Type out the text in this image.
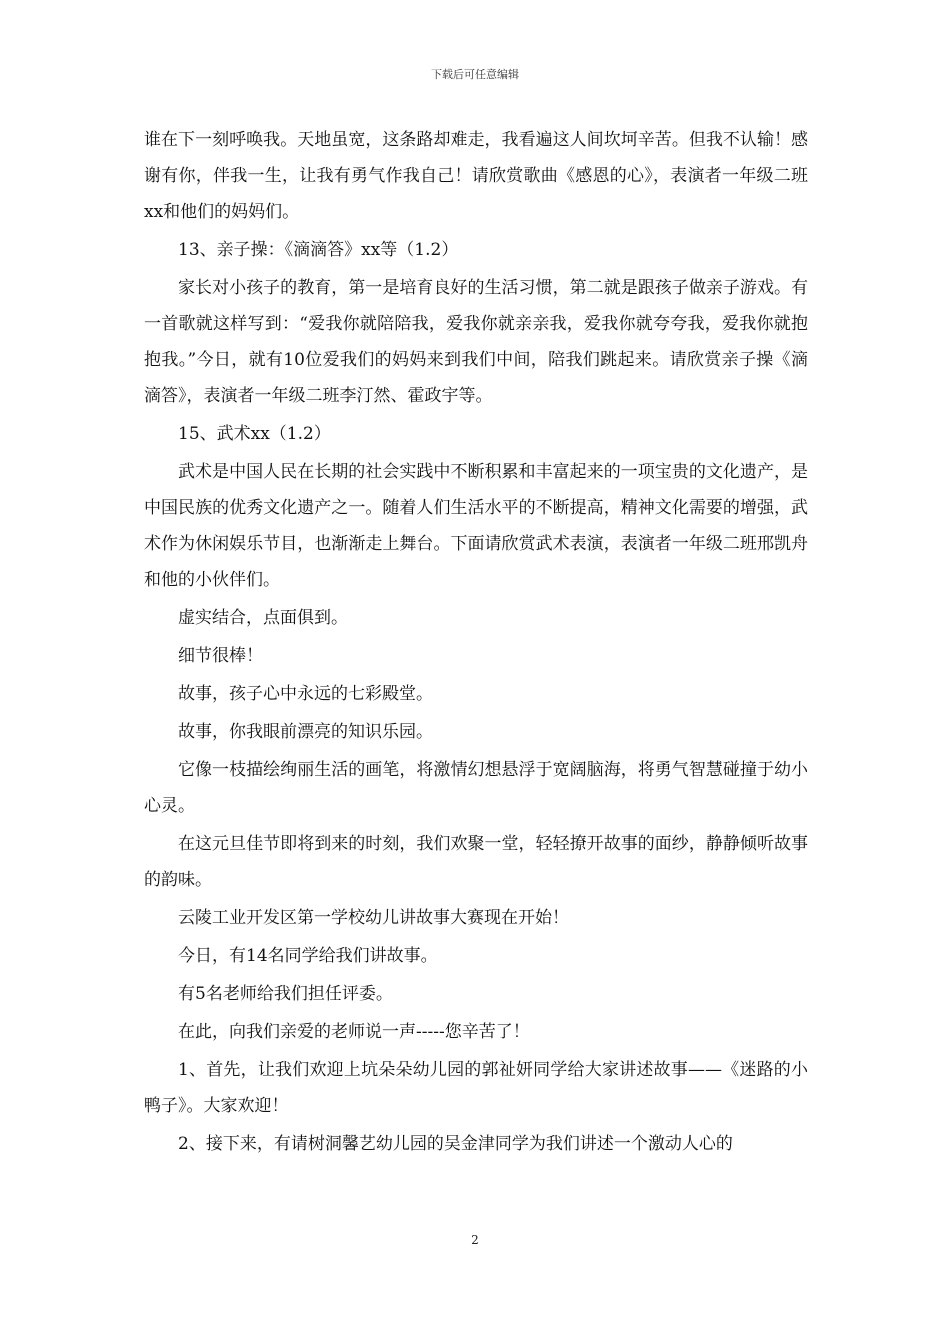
下载后可任意编辑

谁在下一刻呼唤我。天地虽宽，这条路却难走，我看遍这人间坎坷辛苦。但我不认输！感谢有你，伴我一生，让我有勇气作我自己！请欣赏歌曲《感恩的心》，表演者一年级二班xx和他们的妈妈们。

13、亲子操：《滴滴答》xx等（1.2）

家长对小孩子的教育，第一是培育良好的生活习惯，第二就是跟孩子做亲子游戏。有一首歌就这样写到：“爱我你就陪陪我，爱我你就亲亲我，爱我你就夸夸我，爱我你就抱抱我。”今日，就有10位爱我们的妈妈来到我们中间，陪我们跳起来。请欣赏亲子操《滴滴答》，表演者一年级二班李汀然、霍政宇等。

15、武术xx（1.2）

武术是中国人民在长期的社会实践中不断积累和丰富起来的一项宝贵的文化遗产，是中国民族的优秀文化遗产之一。随着人们生活水平的不断提高，精神文化需要的增强，武术作为休闲娱乐节目，也渐渐走上舞台。下面请欣赏武术表演，表演者一年级二班邢凯舟和他的小伙伴们。

虚实结合，点面俱到。

细节很棒！

故事，孩子心中永远的七彩殿堂。

故事，你我眼前漂亮的知识乐园。

它像一枝描绘绚丽生活的画笔，将激情幻想悬浮于宽阔脑海，将勇气智慧碰撞于幼小心灵。

在这元旦佳节即将到来的时刻，我们欢聚一堂，轻轻撩开故事的面纱，静静倾听故事的韵味。

云陵工业开发区第一学校幼儿讲故事大赛现在开始！

今日，有14名同学给我们讲故事。

有5名老师给我们担任评委。

在此，向我们亲爱的老师说一声-----您辛苦了！

1、首先，让我们欢迎上坑朵朵幼儿园的郭祉妍同学给大家讲述故事——《迷路的小鸭子》。大家欢迎！

2、接下来，有请树洞馨艺幼儿园的吴金津同学为我们讲述一个激动人心的

2
